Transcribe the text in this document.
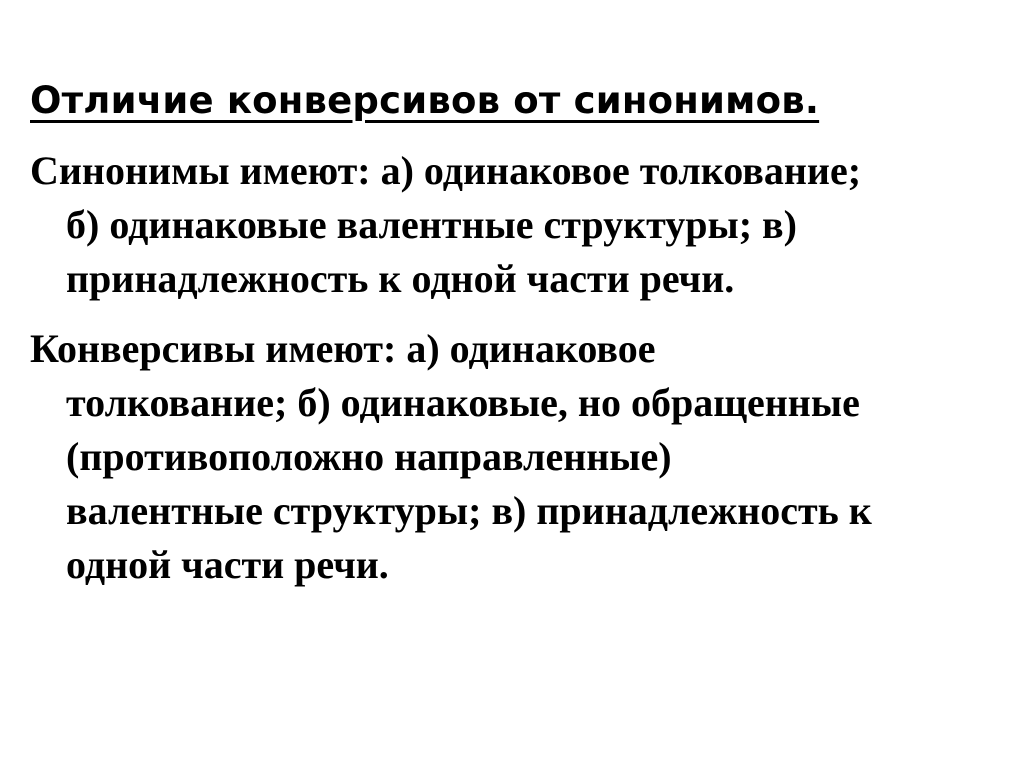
Отличие конверсивов от синонимов.

Синонимы имеют: а) одинаковое толкование;
б) одинаковые валентные структуры; в)
принадлежность к одной части речи.

Конверсивы имеют: а) одинаковое
толкование; б) одинаковые, но обращенные
(противоположно направленные)
валентные структуры; в) принадлежность к
одной части речи.
